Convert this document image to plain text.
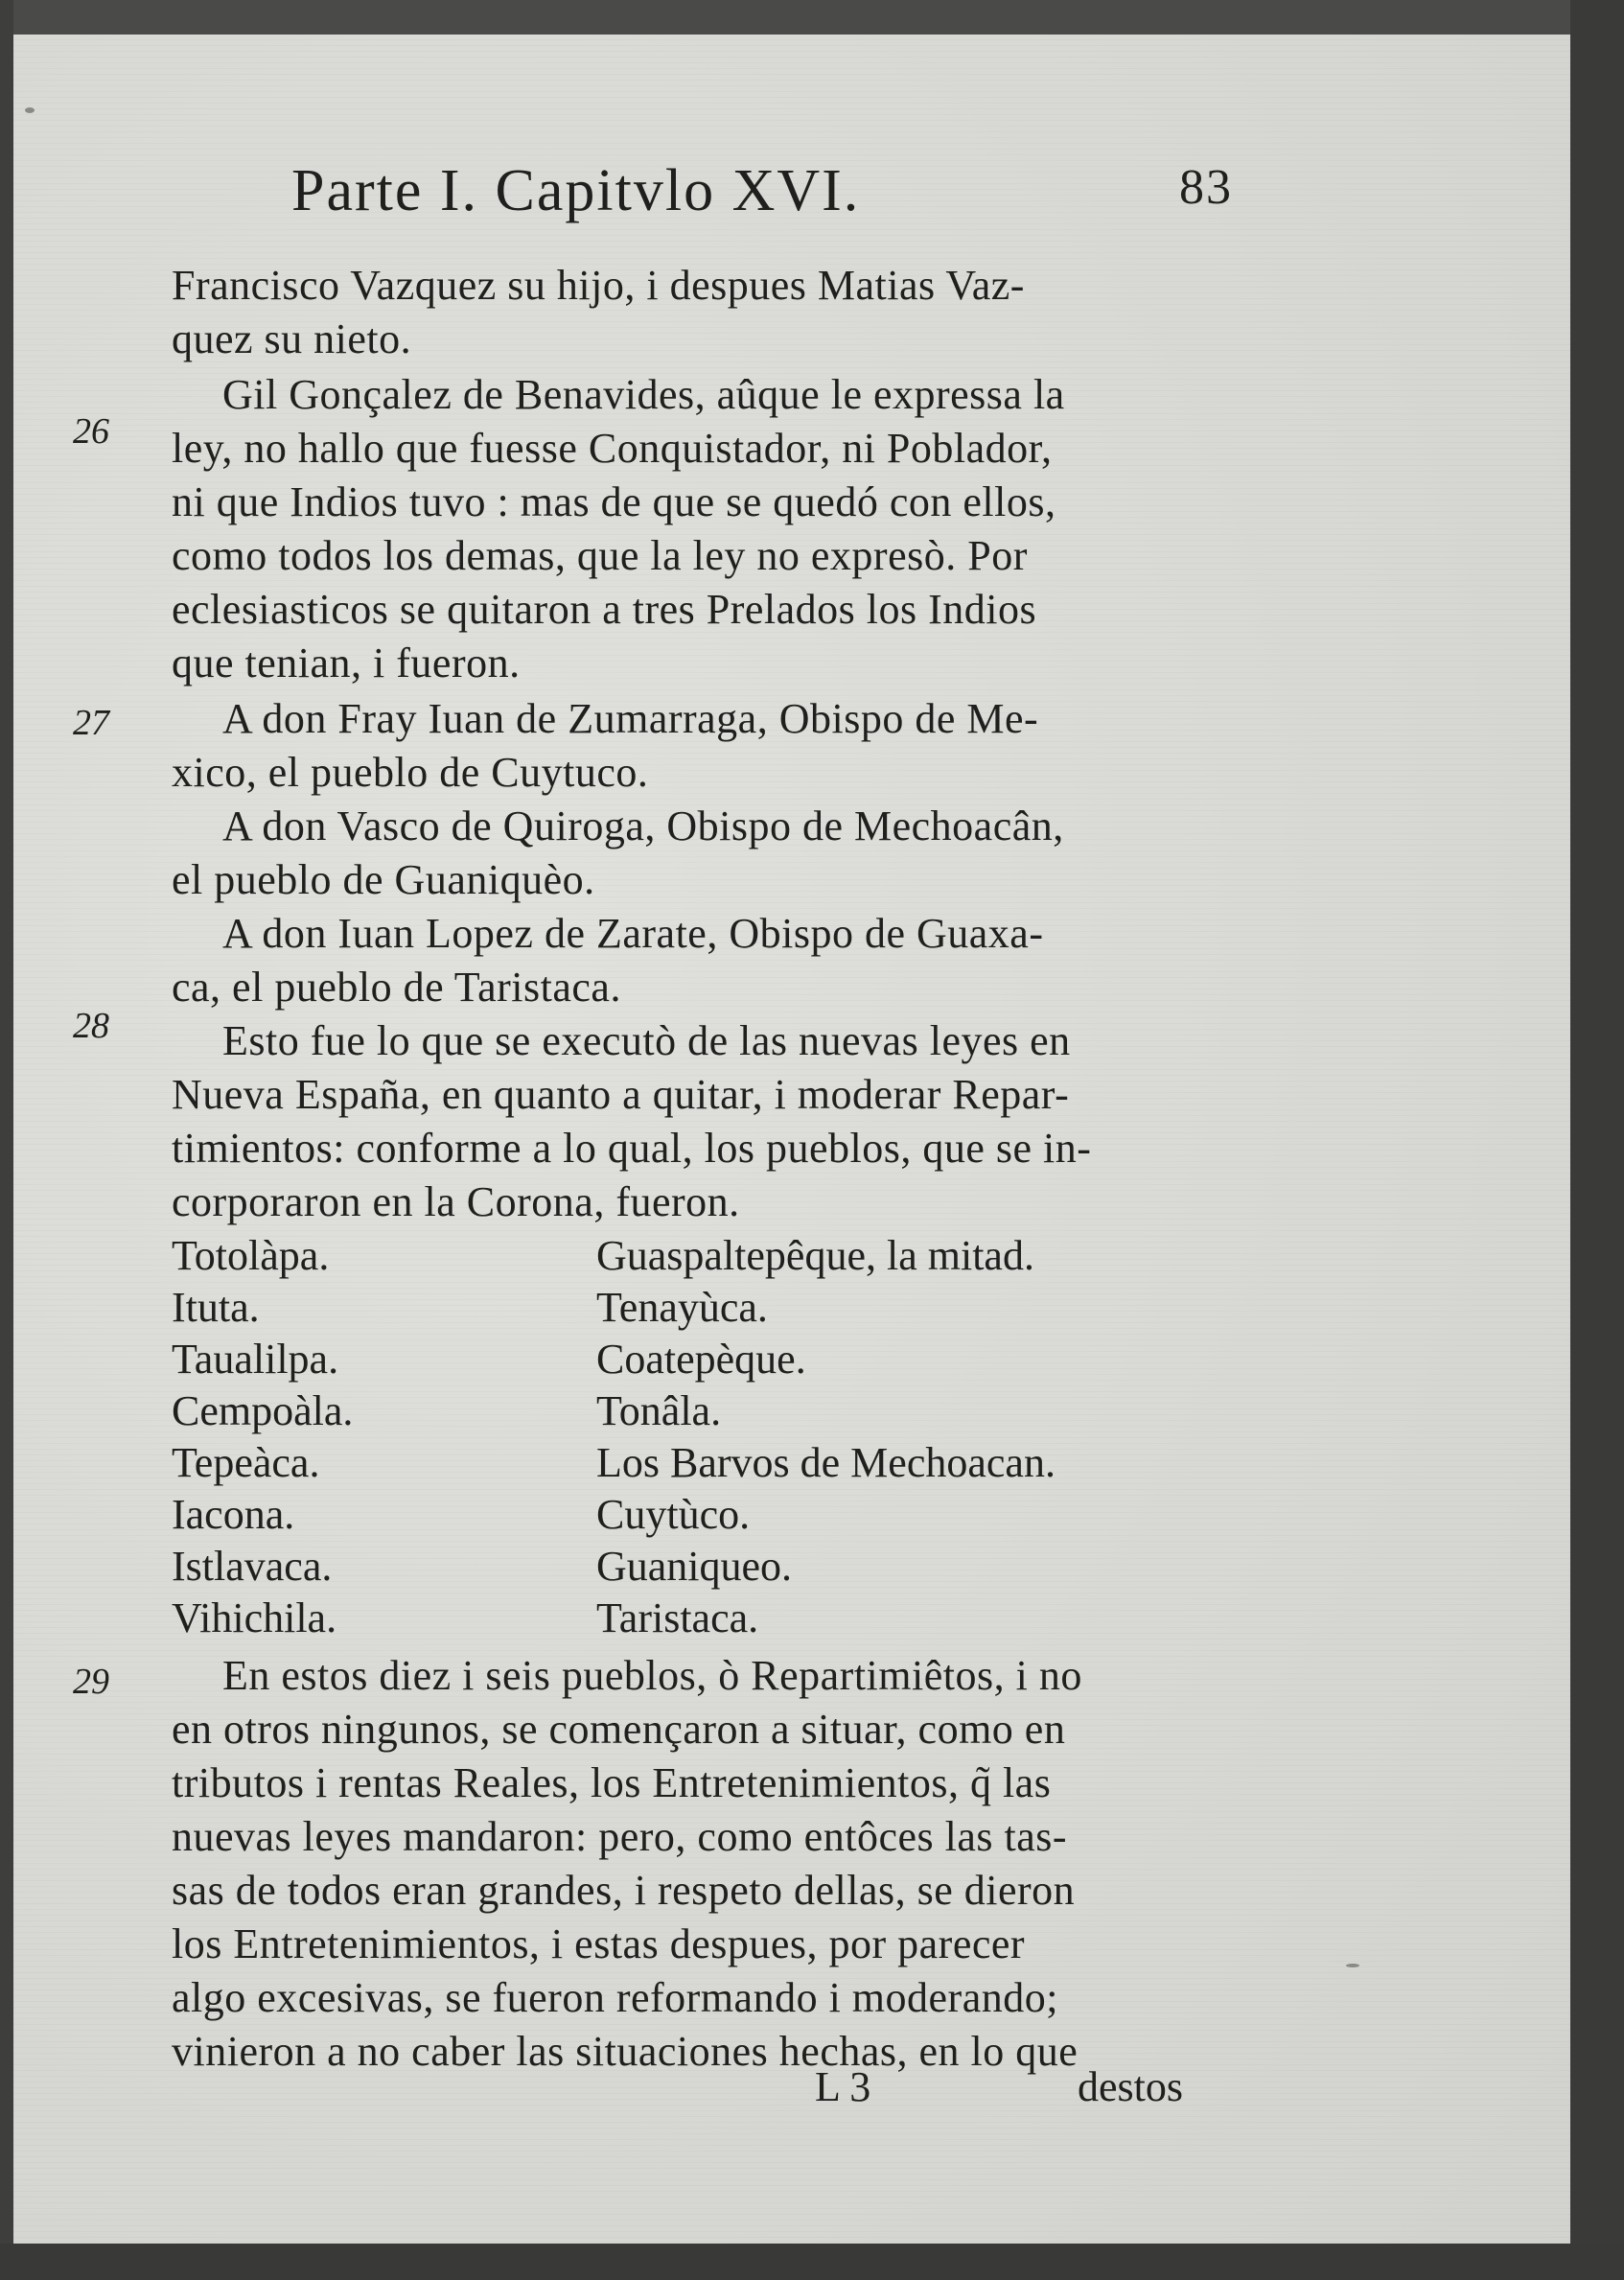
Parte I. Capitvlo XVI.	83
26
27
28
29
Francisco Vazquez su hijo, i despues Matias Vaz-
quez su nieto.
Gil Gonçalez de Benavides, aûque le expressa la
ley, no hallo que fuesse Conquistador, ni Poblador,
ni que Indios tuvo : mas de que se quedó con ellos,
como todos los demas, que la ley no expresò. Por
eclesiasticos se quitaron a tres Prelados los Indios
que tenian, i fueron.
A don Fray Iuan de Zumarraga, Obispo de Me-
xico, el pueblo de Cuytuco.
A don Vasco de Quiroga, Obispo de Mechoacân,
el pueblo de Guaniquèo.
A don Iuan Lopez de Zarate, Obispo de Guaxa-
ca, el pueblo de Taristaca.
Esto fue lo que se executò de las nuevas leyes en
Nueva España, en quanto a quitar, i moderar Repar-
timientos: conforme a lo qual, los pueblos, que se in-
corporaron en la Corona, fueron.
Totolàpa.
Ituta.
Taualilpa.
Cempoàla.
Tepeàca.
Iacona.
Istlavaca.
Vihichila.
Guaspaltepêque, la mitad.
Tenayùca.
Coatepèque.
Tonâla.
Los Barvos de Mechoacan.
Cuytùco.
Guaniqueo.
Taristaca.
En estos diez i seis pueblos, ò Repartimiêtos, i no
en otros ningunos, se començaron a situar, como en
tributos i rentas Reales, los Entretenimientos, q̃ las
nuevas leyes mandaron: pero, como entôces las tas-
sas de todos eran grandes, i respeto dellas, se dieron
los Entretenimientos, i estas despues, por parecer
algo excesivas, se fueron reformando i moderando;
vinieron a no caber las situaciones hechas, en lo que
L 3	destos
